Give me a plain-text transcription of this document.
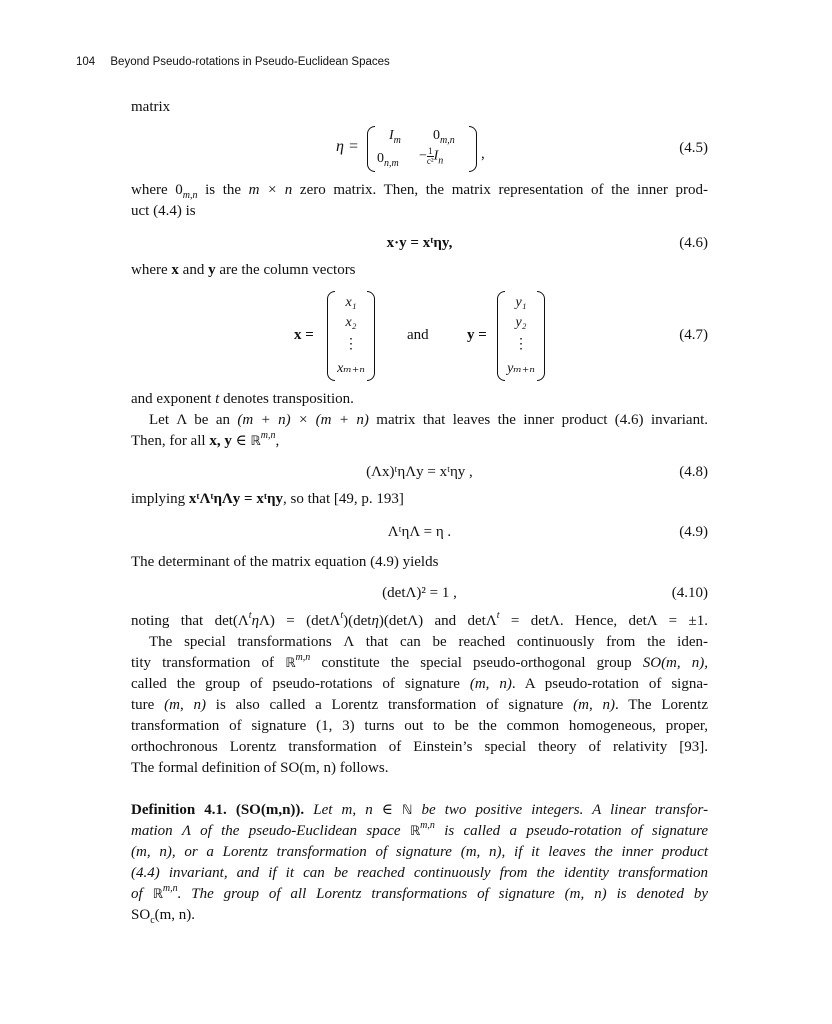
104 Beyond Pseudo-rotations in Pseudo-Euclidean Spaces
matrix
η =
$I_m$ $0_{m,n}$
$0_{n,m} - \frac{1}{\text{c²}} I_n$	,	(4.5)
where $0_{m,n}$ is the m × n zero matrix. Then, the matrix representation of the inner prod-
uct (4.4) is
x·y = xᵗηy,	(4.6)
where x and y are the column vectors
x =
x₁
x₂
⋮
xₘ₊ₙ
and	y =
y₁
y₂
⋮
yₘ₊ₙ
(4.7)
and exponent t denotes transposition.
Let Λ be an (m + n) × (m + n) matrix that leaves the inner product (4.6) invariant.
Then, for all x, y ∈ ℝ$^{m,n}$,
(Λx)ᵗηΛy = xᵗηy ,	(4.8)
implying xᵗΛᵗηΛy = xᵗηy, so that [49, p. 193]
ΛᵗηΛ = η .	(4.9)
The determinant of the matrix equation (4.9) yields
(detΛ)² = 1 ,	(4.10)
noting that $\det(\Lambda^t\eta\Lambda) = (\det\Lambda^t)(\det\eta)(\det\Lambda)$ and detΛ$^t$ = detΛ. Hence, detΛ = ±1.
The special transformations Λ that can be reached continuously from the iden-
tity transformation of ℝ$^{m,n}$ constitute the special pseudo-orthogonal group SO(m, n),
called the group of pseudo-rotations of signature (m, n). A pseudo-rotation of signa-
ture (m, n) is also called a Lorentz transformation of signature (m, n). The Lorentz
transformation of signature (1, 3) turns out to be the common homogeneous, proper,
orthochronous Lorentz transformation of Einstein’s special theory of relativity [93].
The formal definition of SO(m, n) follows.
Definition 4.1. (SO(m,n)). Let m, n ∈ ℕ be two positive integers. A linear transfor-
mation Λ of the pseudo-Euclidean space ℝ$^{m,n}$ is called a pseudo-rotation of signature
(m, n), or a Lorentz transformation of signature (m, n), if it leaves the inner product
(4.4) invariant, and if it can be reached continuously from the identity transformation
of ℝ$^{m,n}$. The group of all Lorentz transformations of signature (m, n) is denoted by
$SO_c(m$, n).
